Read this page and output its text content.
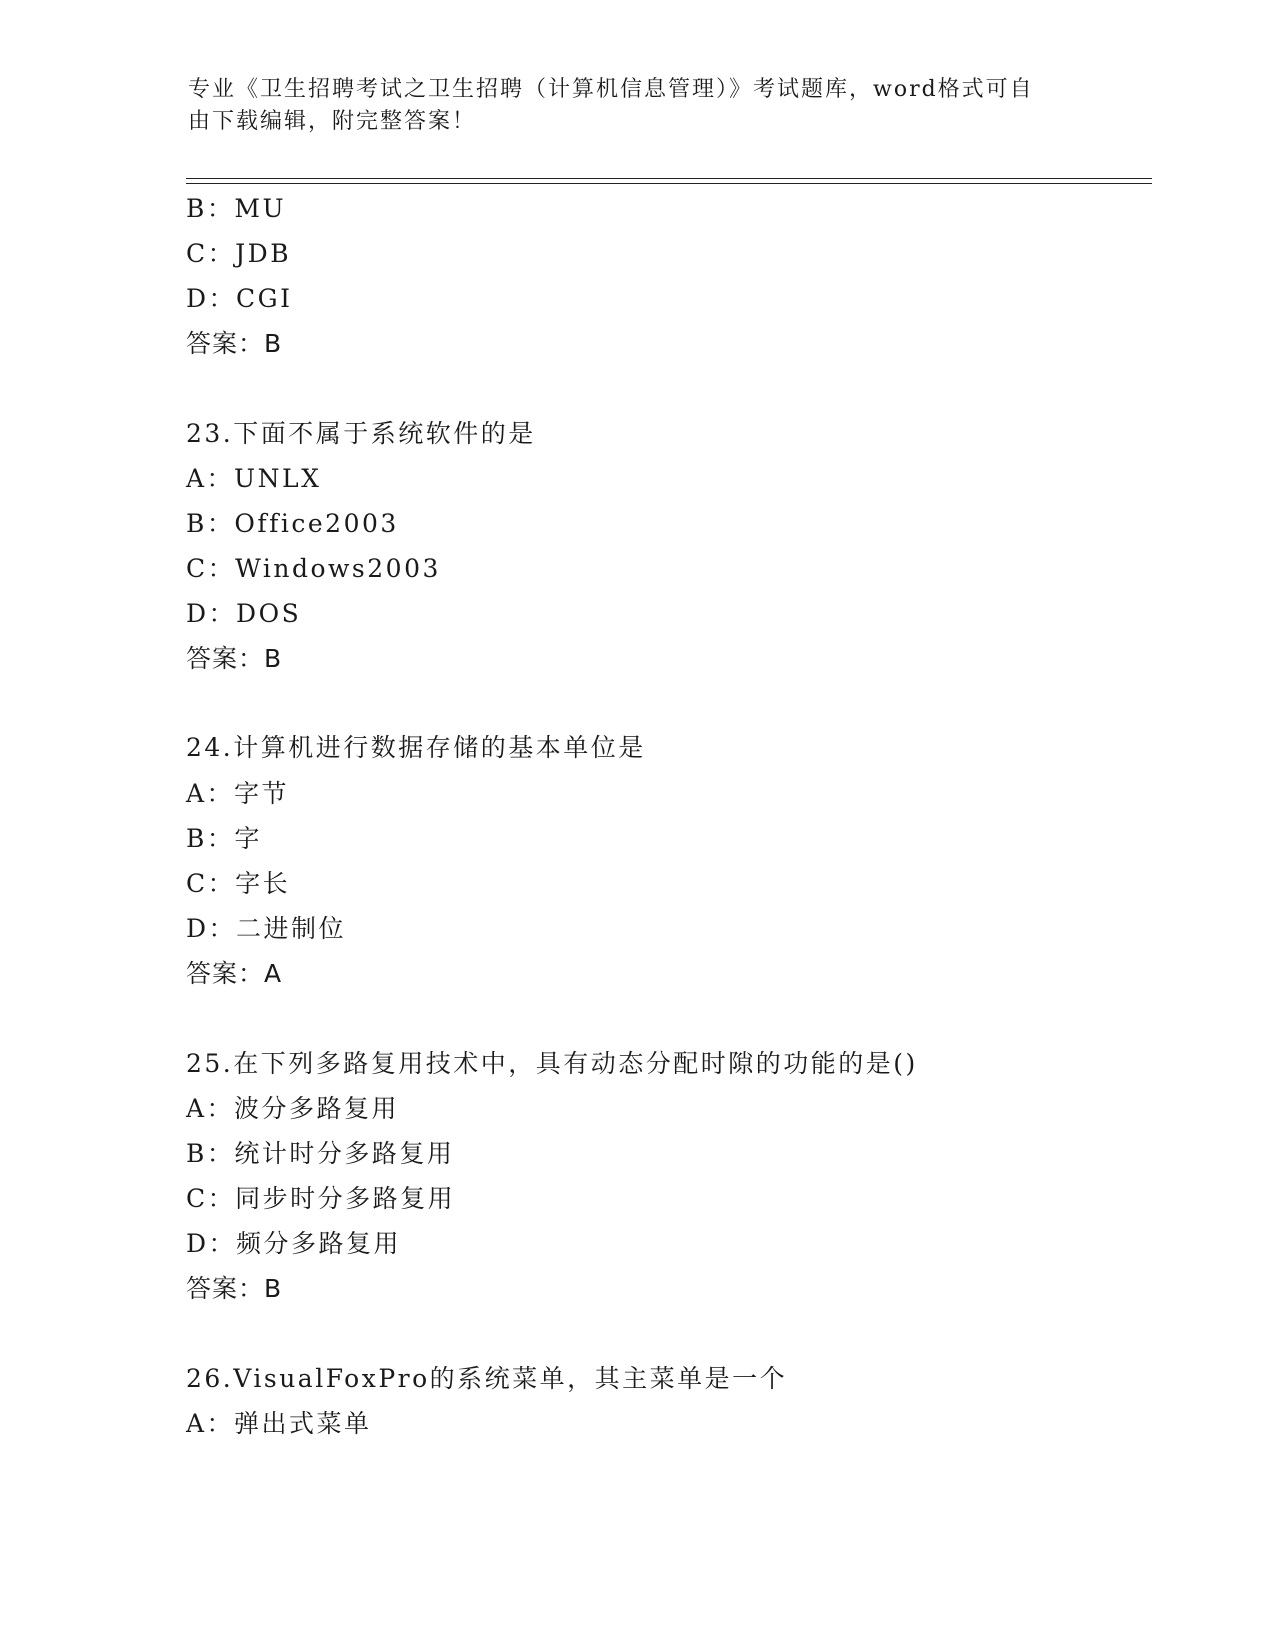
专业《卫生招聘考试之卫生招聘（计算机信息管理）》考试题库，word格式可自
由下载编辑，附完整答案！
B：MU
C：JDB
D：CGI
答案：B
23.下面不属于系统软件的是
A：UNLX
B：Office2003
C：Windows2003
D：DOS
答案：B
24.计算机进行数据存储的基本单位是
A：字节
B：字
C：字长
D：二进制位
答案：A
25.在下列多路复用技术中，具有动态分配时隙的功能的是()
A：波分多路复用
B：统计时分多路复用
C：同步时分多路复用
D：频分多路复用
答案：B
26.VisualFoxPro的系统菜单，其主菜单是一个
A：弹出式菜单
